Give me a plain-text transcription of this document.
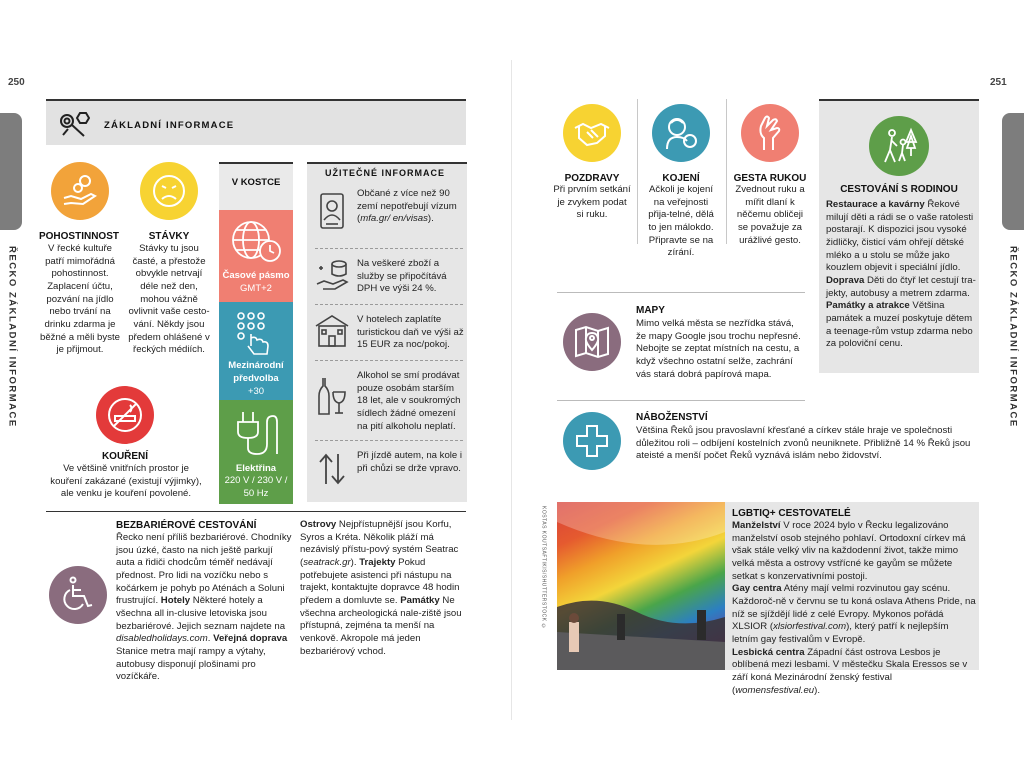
250
ŘECKO ZÁKLADNÍ INFORMACE
ZÁKLADNÍ INFORMACE
POHOSTINNOST
V řecké kultuře patří mimořádná pohostinnost. Zaplacení účtu, pozvání na jídlo nebo trvání na drinku zdarma je běžné a měli byste je přijmout.
STÁVKY
Stávky tu jsou časté, a přestože obvykle netrvají déle než den, mohou vážně ovlivnit vaše cesto-vání. Někdy jsou předem ohlášené v řeckých médiích.
KOUŘENÍ
Ve většině vnitřních prostor je kouření zakázané (existují výjimky), ale venku je kouření povolené.
V KOSTCE
Časové pásmo
GMT+2
Mezinárodní předvolba
+30
Elektřina
220 V / 230 V / 50 Hz
UŽITEČNÉ INFORMACE
Občané z více než 90 zemí nepotřebují vízum (mfa.gr/ en/visas).
Na veškeré zboží a služby se připočítává DPH ve výši 24 %.
V hotelech zaplatíte turistickou daň ve výši až 15 EUR za noc/pokoj.
Alkohol se smí prodávat pouze osobám starším 18 let, ale v soukromých sídlech žádné omezení na pití alkoholu neplatí.
Při jízdě autem, na kole i při chůzi se drže vpravo.
BEZBARIÉROVÉ CESTOVÁNÍ
Řecko není příliš bezbariérové. Chodníky jsou úzké, často na nich ještě parkují auta a řidiči chodcům téměř nedávají přednost. Pro lidi na vozíčku nebo s kočárkem je pohyb po Aténách a Soluni frustrující. Hotely Některé hotely a všechna all in-clusive letoviska jsou bezbariérové. Jejich seznam najdete na disabledholidays.com. Veřejná doprava Stanice metra mají rampy a výtahy, autobusy disponují plošinami pro vozíčkáře.
Ostrovy Nejpřístupnější jsou Korfu, Syros a Kréta. Několik pláží má nezávislý přístu-pový systém Seatrac (seatrack.gr). Trajekty Pokud potřebujete asistenci při nástupu na trajekt, kontaktujte dopravce 48 hodin předem a domluvte se. Památky Ne všechna archeologická nale-ziště jsou přístupná, zejména ta menší na venkově. Akropole má jeden bezbariérový vchod.
251
ŘECKO ZÁKLADNÍ INFORMACE
POZDRAVY
Při prvním setkání je zvykem podat si ruku.
KOJENÍ
Ačkoli je kojení na veřejnosti přija-telné, dělá to jen málokdo. Připravte se na zírání.
GESTA RUKOU
Zvednout ruku a mířit dlaní k něčemu obličeji se považuje za urážlivé gesto.
CESTOVÁNÍ S RODINOU
Restaurace a kavárny Řekové milují děti a rádi se o vaše ratolesti postarají. K dispozici jsou vysoké židličky, čisticí vám ohřejí dětské mléko a u stolu se může jako kouzlem objevit i speciální jídlo.
Doprava Děti do čtyř let cestují tra-jekty, autobusy a metrem zdarma.
Památky a atrakce Většina památek a muzeí poskytuje dětem a teenage-rům vstup zdarma nebo za poloviční cenu.
MAPY
Mimo velká města se nezřídka stává, že mapy Google jsou trochu nepřesné. Nebojte se zeptat místních na cestu, a když všechno ostatní selže, zachrání vás stará dobrá papírová mapa.
NÁBOŽENSTVÍ
Většina Řeků jsou pravoslavní křesťané a církev stále hraje ve společnosti důležitou roli – odbíjení kostelních zvonů neuniknete. Přibližně 14 % Řeků jsou ateisté a menší počet Řeků vyznává islám nebo židovství.
KOSTAS KOUTSAFTIKIS/SHUTTERSTOCK ©	LGBTIQ+ CESTOVATELÉ
Manželství V roce 2024 bylo v Řecku legalizováno manželství osob stejného pohlaví. Ortodoxní církev má však stále velký vliv na každodenní život, takže mimo velká města a ostrovy vstřícné ke gayům se můžete setkat s konzervativními postoji.
Gay centra Atény mají velmi rozvinutou gay scénu. Každoroč-ně v červnu se tu koná oslava Athens Pride, na níž se sjíždějí lidé z celé Evropy. Mykonos pořádá XLSIOR (xlsiorfestival.com), který patří k nejlepším letním gay festivalům v Evropě.
Lesbická centra Západní část ostrova Lesbos je oblíbená mezi lesbami. V městečku Skala Eressos se v září koná Mezinárodní ženský festival (womensfestival.eu).
